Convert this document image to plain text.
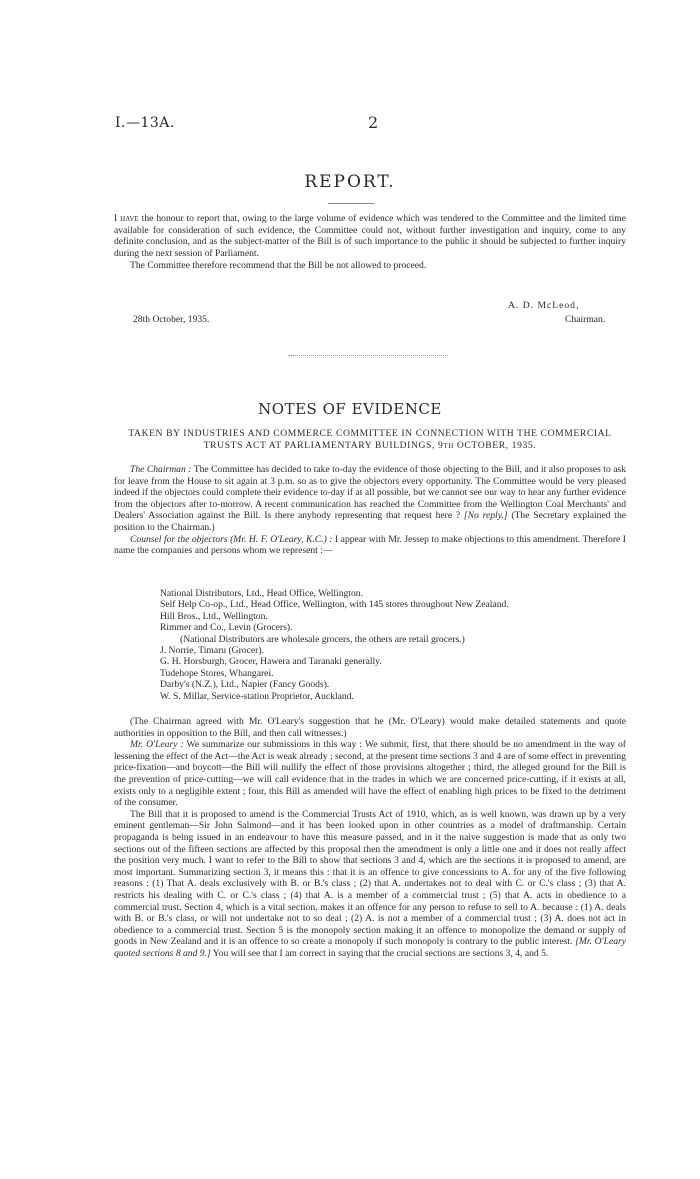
I.—13A.	2
REPORT.

I have the honour to report that, owing to the large volume of evidence which was tendered to the Committee and the limited time available for consideration of such evidence, the Committee could not, without further investigation and inquiry, come to any definite conclusion, and as the subject-matter of the Bill is of such importance to the public it should be subjected to further inquiry during the next session of Parliament.

The Committee therefore recommend that the Bill be not allowed to proceed.

A. D. McLeod,
28th October, 1935.	Chairman.
NOTES OF EVIDENCE
TAKEN BY INDUSTRIES AND COMMERCE COMMITTEE IN CONNECTION WITH THE COMMERCIAL TRUSTS ACT AT PARLIAMENTARY BUILDINGS, 9TH OCTOBER, 1935.

The Chairman : The Committee has decided to take to-day the evidence of those objecting to the Bill, and it also proposes to ask for leave from the House to sit again at 3 p.m. so as to give the objectors every opportunity. The Committee would be very pleased indeed if the objectors could complete their evidence to-day if at all possible, but we cannot see our way to hear any further evidence from the objectors after to-morrow. A recent communication has reached the Committee from the Wellington Coal Merchants' and Dealers' Association against the Bill. Is there anybody representing that request here ? [No reply.] (The Secretary explained the position to the Chairman.)

Counsel for the objectors (Mr. H. F. O'Leary, K.C.) : I appear with Mr. Jessep to make objections to this amendment. Therefore I name the companies and persons whom we represent :—

National Distributors, Ltd., Head Office, Wellington.
Self Help Co-op., Ltd., Head Office, Wellington, with 145 stores throughout New Zealand.
Hill Bros., Ltd., Wellington.
Rimmer and Co., Levin (Grocers).
(National Distributors are wholesale grocers, the others are retail grocers.)
J. Norrie, Timaru (Grocer).
G. H. Horsburgh, Grocer, Hawera and Taranaki generally.
Tudehope Stores, Whangarei.
Darby's (N.Z.), Ltd., Napier (Fancy Goods).
W. S. Millar, Service-station Proprietor, Auckland.

(The Chairman agreed with Mr. O'Leary's suggestion that he (Mr. O'Leary) would make detailed statements and quote authorities in opposition to the Bill, and then call witnesses.)

Mr. O'Leary : We summarize our submissions in this way : We submit, first, that there should be no amendment in the way of lessening the effect of the Act—the Act is weak already ; second, at the present time sections 3 and 4 are of some effect in preventing price-fixation—and boycott—the Bill will nullify the effect of those provisions altogether ; third, the alleged ground for the Bill is the prevention of price-cutting—we will call evidence that in the trades in which we are concerned price-cutting, if it exists at all, exists only to a negligible extent ; four, this Bill as amended will have the effect of enabling high prices to be fixed to the detriment of the consumer.

The Bill that it is proposed to amend is the Commercial Trusts Act of 1910, which, as is well known, was drawn up by a very eminent gentleman—Sir John Salmond—and it has been looked upon in other countries as a model of draftmanship. Certain propaganda is being issued in an endeavour to have this measure passed, and in it the naive suggestion is made that as only two sections out of the fifteen sections are affected by this proposal then the amendment is only a little one and it does not really affect the position very much. I want to refer to the Bill to show that sections 3 and 4, which are the sections it is proposed to amend, are most important. Summarizing section 3, it means this : that it is an offence to give concessions to A. for any of the five following reasons : (1) That A. deals exclusively with B. or B.'s class ; (2) that A. undertakes not to deal with C. or C.'s class ; (3) that A. restricts his dealing with C. or C.'s class ; (4) that A. is a member of a commercial trust ; (5) that A. acts in obedience to a commercial trust. Section 4, which is a vital section, makes it an offence for any person to refuse to sell to A. because : (1) A. deals with B. or B.'s class, or will not undertake not to so deal ; (2) A. is not a member of a commercial trust ; (3) A. does not act in obedience to a commercial trust. Section 5 is the monopoly section making it an offence to monopolize the demand or supply of goods in New Zealand and it is an offence to so create a monopoly if such monopoly is contrary to the public interest. [Mr. O'Leary quoted sections 8 and 9.] You will see that I am correct in saying that the crucial sections are sections 3, 4, and 5.
